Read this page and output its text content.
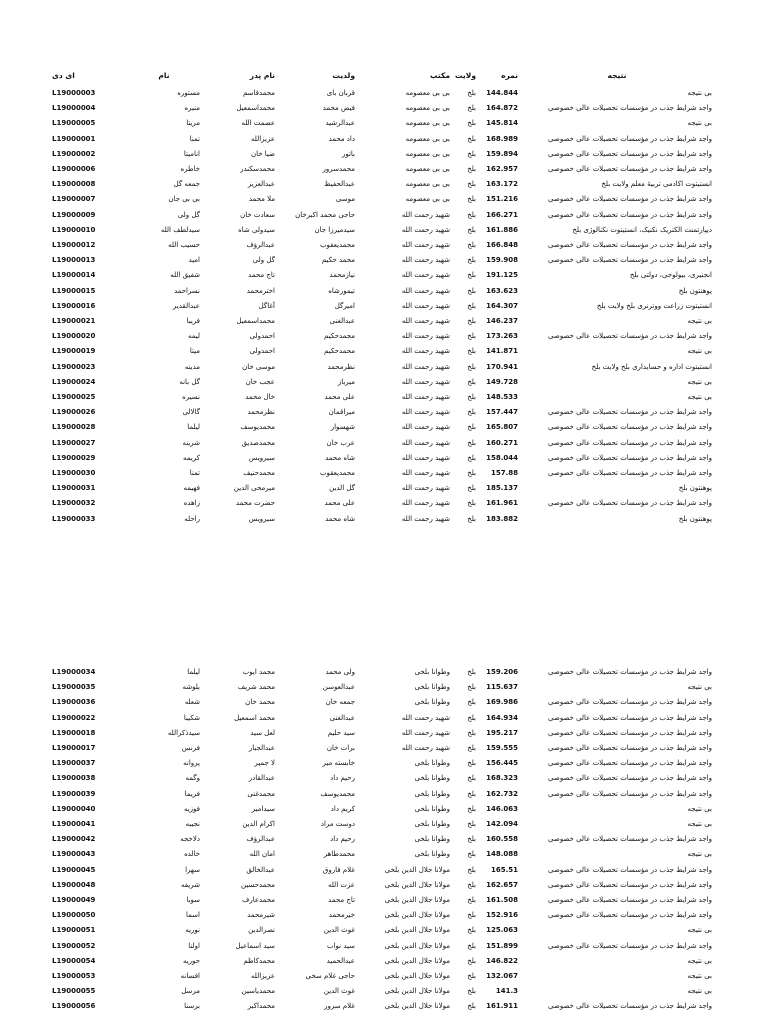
ای دی	نام	نام پدر	ولدیت	مکتب ولایت	نمره	نتیجه
L19000003	مستوره	محمدقاسم	قربان بای	بی بی معصومه	بلخ	144.844	بی نتیجه
L19000004	منیره	محمداسمعیل	فیض محمد	بی بی معصومه	بلخ	164.872	واجد شرایط جذب در مؤسسات تحصیلات عالی خصوصی
L19000005	مریتا	عصمت الله	عبدالرشید	بی بی معصومه	بلخ	145.814	بی نتیجه
L19000001	تمنا	عزیزالله	داد محمد	بی بی معصومه	بلخ	168.989	واجد شرایط جذب در مؤسسات تحصیلات عالی خصوصی
L19000002	انامیتا	ضیا خان	باتور	بی بی معصومه	بلخ	159.894	واجد شرایط جذب در مؤسسات تحصیلات عالی خصوصی
L19000006	خاطره	محمدسکندر	محمدسرور	بی بی معصومه	بلخ	162.957	واجد شرایط جذب در مؤسسات تحصیلات عالی خصوصی
L19000008	جمعه گل	عبدالعزیز	عبدالحفیظ	بی بی معصومه	بلخ	163.172	انستیتوت اکادمی تربیهٔ معلم ولایت بلخ
L19000007	بی بی جان	ملا محمد	موسی	بی بی معصومه	بلخ	151.216	واجد شرایط جذب در مؤسسات تحصیلات عالی خصوصی
L19000009	گل ولی	سعادت خان	حاجی محمد اکبرخان	شهید رحمت الله	بلخ	166.271	واجد شرایط جذب در مؤسسات تحصیلات عالی خصوصی
L19000010	سیدلطف الله	سیدولی شاه	سیدمیرزا جان	شهید رحمت الله	بلخ	161.886	دیپارتمنت الکتریک نکنیک، انستیتوت نکنالوژی بلخ
L19000012	حسیب الله	عبدالرؤف	محمدیعقوب	شهید رحمت الله	بلخ	166.848	واجد شرایط جذب در مؤسسات تحصیلات عالی خصوصی
L19000013	امید	گل ولی	محمد حکیم	شهید رحمت الله	بلخ	159.908	واجد شرایط جذب در مؤسسات تحصیلات عالی خصوصی
L19000014	شفیق الله	تاج محمد	نیازمحمد	شهید رحمت الله	بلخ	191.125	انجنیری، بیولوجی، دولتی بلخ
L19000015	نسراحمد	اخترمحمد	تیمورشاه	شهید رحمت الله	بلخ	163.623	پوهنتون بلخ
L19000016	عبدالقدیر	آغاگل	امیرگل	شهید رحمت الله	بلخ	164.307	انستیتوت زراعت ووترنری بلخ ولایت بلخ
L19000021	فریبا	محمداسمعیل	عبدالغنی	شهید رحمت الله	بلخ	146.237	بی نتیجه
L19000020	لیمه	احمدولی	محمدحکیم	شهید رحمت الله	بلخ	173.263	واجد شرایط جذب در مؤسسات تحصیلات عالی خصوصی
L19000019	میتا	احمدولی	محمدحکیم	شهید رحمت الله	بلخ	141.871	بی نتیجه
L19000023	مدینه	موسی خان	نظرمحمد	شهید رحمت الله	بلخ	170.941	انستیتوت اداره و حسابداری بلخ ولایت بلخ
L19000024	گل بانه	عجب خان	میرباز	شهید رحمت الله	بلخ	149.728	بی نتیجه
L19000025	نسیره	خال محمد	علی محمد	شهید رحمت الله	بلخ	148.533	بی نتیجه
L19000026	گالالی	نظرمحمد	میراقمان	شهید رحمت الله	بلخ	157.447	واجد شرایط جذب در مؤسسات تحصیلات عالی خصوصی
L19000028	لیلما	محمدیوسف	شهسوار	شهید رحمت الله	بلخ	165.807	واجد شرایط جذب در مؤسسات تحصیلات عالی خصوصی
L19000027	شرینه	محمدصدیق	عرب خان	شهید رحمت الله	بلخ	160.271	واجد شرایط جذب در مؤسسات تحصیلات عالی خصوصی
L19000029	کریمه	سیرویس	شاه محمد	شهید رحمت الله	بلخ	158.044	واجد شرایط جذب در مؤسسات تحصیلات عالی خصوصی
L19000030	تمنا	محمدحنیف	محمدیعقوب	شهید رحمت الله	بلخ	157.88	واجد شرایط جذب در مؤسسات تحصیلات عالی خصوصی
L19000031	فهیمه	میرمحی الدین	گل الدین	شهید رحمت الله	بلخ	185.137	پوهنتون بلخ
L19000032	زاهده	حضرت محمد	علی محمد	شهید رحمت الله	بلخ	161.961	واجد شرایط جذب در مؤسسات تحصیلات عالی خصوصی
L19000033	راحله	سیرویس	شاه محمد	شهید رحمت الله	بلخ	183.882	پوهنتون بلخ
L19000034	لیلما	محمد ایوب	ولی محمد	وطوانا بلخی	بلخ	159.206	واجد شرایط جذب در مؤسسات تحصیلات عالی خصوصی
L19000035	بلوشه	محمد شریف	عبدالعوسن	وطوانا بلخی	بلخ	115.637	بی نتیجه
L19000036	شعله	محمد خان	جمعه خان	وطوانا بلخی	بلخ	169.986	واجد شرایط جذب در مؤسسات تحصیلات عالی خصوصی
L19000022	شکیبا	محمد اسمعیل	عبدالغنی	شهید رحمت الله	بلخ	164.934	واجد شرایط جذب در مؤسسات تحصیلات عالی خصوصی
L19000018	سیدذکرالله	لعل سید	سید حلیم	شهید رحمت الله	بلخ	195.217	واجد شرایط جذب در مؤسسات تحصیلات عالی خصوصی
L19000017	فرنس	عبدالجبار	برات خان	شهید رحمت الله	بلخ	159.555	واجد شرایط جذب در مؤسسات تحصیلات عالی خصوصی
L19000037	پروانه	لا جمیر	خابسته میر	وطوانا بلخی	بلخ	156.445	واجد شرایط جذب در مؤسسات تحصیلات عالی خصوصی
L19000038	وگمه	عبدالقادر	رحیم داد	وطوانا بلخی	بلخ	168.323	واجد شرایط جذب در مؤسسات تحصیلات عالی خصوصی
L19000039	فریما	محمدغنی	محمدیوسف	وطوانا بلخی	بلخ	162.732	واجد شرایط جذب در مؤسسات تحصیلات عالی خصوصی
L19000040	فوزیه	سیدامیر	کریم داد	وطوانا بلخی	بلخ	146.063	بی نتیجه
L19000041	نجیبه	اکرام الدین	دوست مراد	وطوانا بلخی	بلخ	142.094	بی نتیجه
L19000042	دلاخجه	عبدالرؤف	رحیم داد	وطوانا بلخی	بلخ	160.558	واجد شرایط جذب در مؤسسات تحصیلات عالی خصوصی
L19000043	خالده	امان الله	محمدطاهر	وطوانا بلخی	بلخ	148.088	بی نتیجه
L19000045	سهرا	عبدالخالق	غلام فاروق	مولانا جلال الدین بلخی	بلخ	165.51	واجد شرایط جذب در مؤسسات تحصیلات عالی خصوصی
L19000048	شریفه	محمدحسین	عزت الله	مولانا جلال الدین بلخی	بلخ	162.657	واجد شرایط جذب در مؤسسات تحصیلات عالی خصوصی
L19000049	سوبا	محمدعارف	تاج محمد	مولانا جلال الدین بلخی	بلخ	161.508	واجد شرایط جذب در مؤسسات تحصیلات عالی خصوصی
L19000050	اسما	شیرمحمد	خیرمحمد	مولانا جلال الدین بلخی	بلخ	152.916	واجد شرایط جذب در مؤسسات تحصیلات عالی خصوصی
L19000051	نوریه	نصرالدین	غوث الدین	مولانا جلال الدین بلخی	بلخ	125.063	بی نتیجه
L19000052	اولنا	سید اسماعیل	سید نواب	مولانا جلال الدین بلخی	بلخ	151.899	واجد شرایط جذب در مؤسسات تحصیلات عالی خصوصی
L19000054	حوریه	محمدکاظم	عبدالحمید	مولانا جلال الدین بلخی	بلخ	146.822	بی نتیجه
L19000053	افسانه	عزیزالله	حاجی غلام سخی	مولانا جلال الدین بلخی	بلخ	132.067	بی نتیجه
L19000055	مرسل	محمدیاسین	غوث الدین	مولانا جلال الدین بلخی	بلخ	141.3	بی نتیجه
L19000056	برسنا	محمداکبر	غلام سرور	مولانا جلال الدین بلخی	بلخ	161.911	واجد شرایط جذب در مؤسسات تحصیلات عالی خصوصی
